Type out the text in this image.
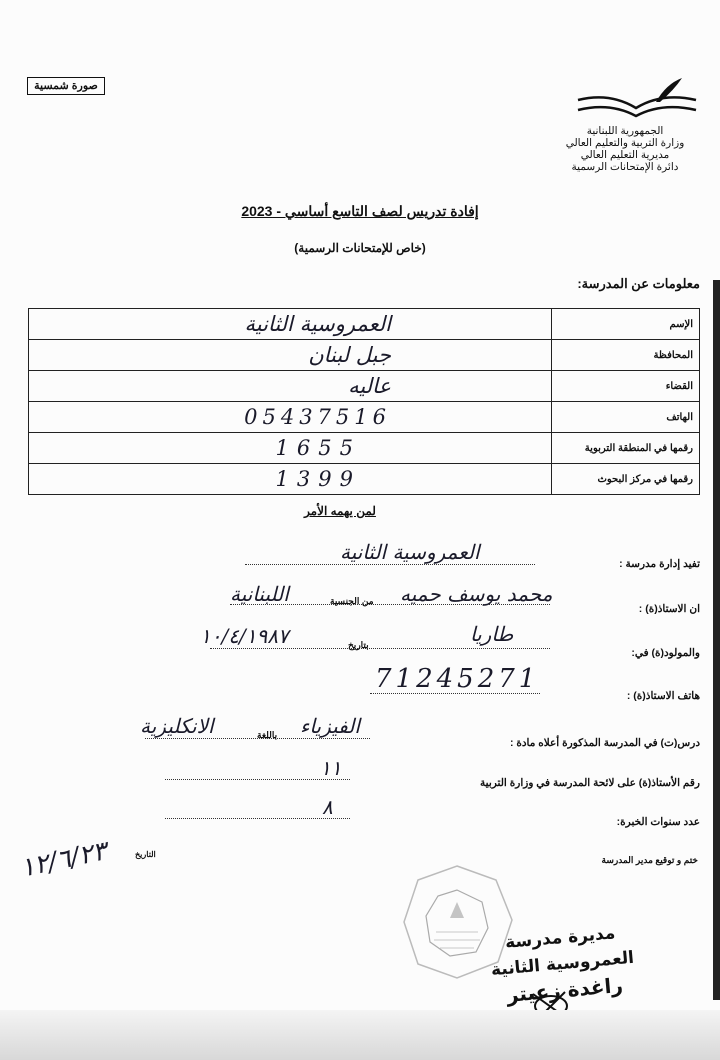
صورة شمسية
الجمهورية اللبنانية
وزارة التربية والتعليم العالي
مديرية التعليم العالي
دائرة الإمتحانات الرسمية
إفادة تدريس لصف التاسع أساسي - 2023
(خاص للإمتحانات الرسمية)
معلومات عن المدرسة:
الإسم	العمروسية الثانية
المحافظة	جبل لبنان
القضاء	عاليه
الهاتف	05437516
رقمها في المنطقة التربوية	1655
رقمها في مركز البحوث	1399
لمن يهمه الأمر
تفيد إدارة مدرسة :
العمروسية الثانية
ان الاستاذ(ة) :
محمد يوسف حميه
من الجنسية
اللبنانية
والمولود(ة) في:
طاريا
بتاريخ
١٠/٤/١٩٨٧
هاتف الاستاذ(ة) :
71245271
درس(ت) في المدرسة المذكورة أعلاه مادة :
الفيزياء
باللغة
الانكليزية
رقم الأستاذ(ة) على لائحة المدرسة في وزارة التربية
١١
عدد سنوات الخبرة:
٨
ختم و توقيع مدير المدرسة
التاريخ
١٢/٦/٢٣
مديرة مدرسة العمروسية الثانية
راغدة زعيتر
